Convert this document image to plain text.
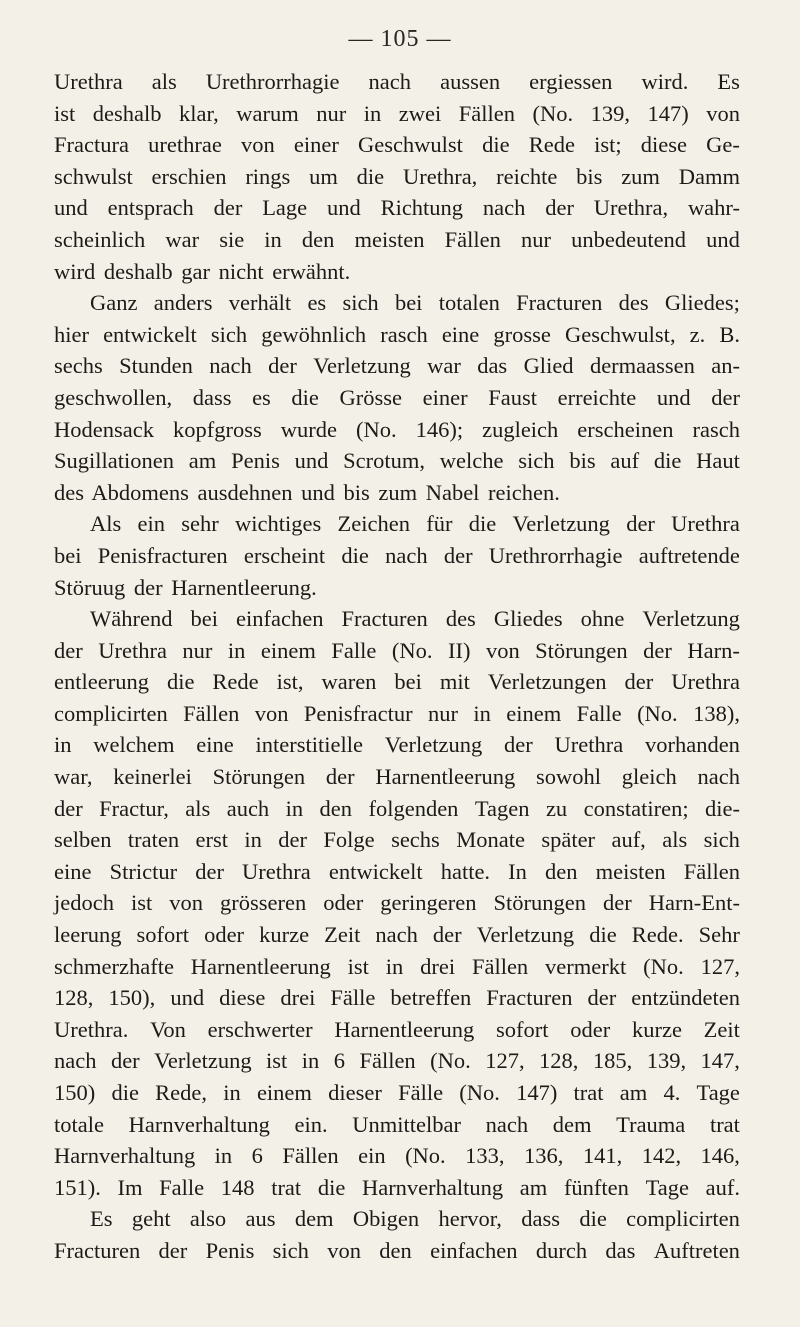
— 105 —
Urethra als Urethrorrhagie nach aussen ergiessen wird. Es
ist deshalb klar, warum nur in zwei Fällen (No. 139, 147) von
Fractura urethrae von einer Geschwulst die Rede ist; diese Ge-
schwulst erschien rings um die Urethra, reichte bis zum Damm
und entsprach der Lage und Richtung nach der Urethra, wahr-
scheinlich war sie in den meisten Fällen nur unbedeutend und
wird deshalb gar nicht erwähnt.
Ganz anders verhält es sich bei totalen Fracturen des Gliedes;
hier entwickelt sich gewöhnlich rasch eine grosse Geschwulst, z. B.
sechs Stunden nach der Verletzung war das Glied dermaassen an-
geschwollen, dass es die Grösse einer Faust erreichte und der
Hodensack kopfgross wurde (No. 146); zugleich erscheinen rasch
Sugillationen am Penis und Scrotum, welche sich bis auf die Haut
des Abdomens ausdehnen und bis zum Nabel reichen.
Als ein sehr wichtiges Zeichen für die Verletzung der Urethra
bei Penisfracturen erscheint die nach der Urethrorrhagie auftretende
Störuug der Harnentleerung.
Während bei einfachen Fracturen des Gliedes ohne Verletzung
der Urethra nur in einem Falle (No. II) von Störungen der Harn-
entleerung die Rede ist, waren bei mit Verletzungen der Urethra
complicirten Fällen von Penisfractur nur in einem Falle (No. 138),
in welchem eine interstitielle Verletzung der Urethra vorhanden
war, keinerlei Störungen der Harnentleerung sowohl gleich nach
der Fractur, als auch in den folgenden Tagen zu constatiren; die-
selben traten erst in der Folge sechs Monate später auf, als sich
eine Strictur der Urethra entwickelt hatte. In den meisten Fällen
jedoch ist von grösseren oder geringeren Störungen der Harn-Ent-
leerung sofort oder kurze Zeit nach der Verletzung die Rede. Sehr
schmerzhafte Harnentleerung ist in drei Fällen vermerkt (No. 127,
128, 150), und diese drei Fälle betreffen Fracturen der entzündeten
Urethra. Von erschwerter Harnentleerung sofort oder kurze Zeit
nach der Verletzung ist in 6 Fällen (No. 127, 128, 185, 139, 147,
150) die Rede, in einem dieser Fälle (No. 147) trat am 4. Tage
totale Harnverhaltung ein. Unmittelbar nach dem Trauma trat
Harnverhaltung in 6 Fällen ein (No. 133, 136, 141, 142, 146,
151). Im Falle 148 trat die Harnverhaltung am fünften Tage auf.
Es geht also aus dem Obigen hervor, dass die complicirten
Fracturen der Penis sich von den einfachen durch das Auftreten
